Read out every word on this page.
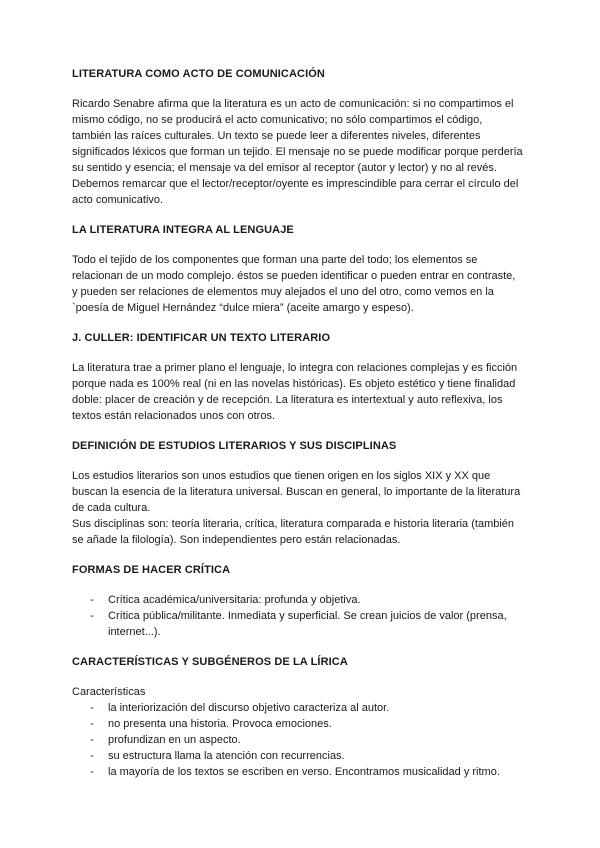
LITERATURA COMO ACTO DE COMUNICACIÓN
Ricardo Senabre afirma que la literatura es un acto de comunicación: si no compartimos el
mismo código, no se producirá el acto comunicativo; no sólo compartimos el código,
también las raíces culturales. Un texto se puede leer a diferentes niveles, diferentes
significados léxicos que forman un tejido. El mensaje no se puede modificar porque perdería
su sentido y esencia; el mensaje va del emisor al receptor (autor y lector) y no al revés.
Debemos remarcar que el lector/receptor/oyente es imprescindible para cerrar el círculo del
acto comunicativo.
LA LITERATURA INTEGRA AL LENGUAJE
Todo el tejido de los componentes que forman una parte del todo; los elementos se
relacionan de un modo complejo. éstos se pueden identificar o pueden entrar en contraste,
y pueden ser relaciones de elementos muy alejados el uno del otro, como vemos en la
`poesía de Miguel Hernández “dulce miera” (aceite amargo y espeso).
J. CULLER: IDENTIFICAR UN TEXTO LITERARIO
La literatura trae a primer plano el lenguaje, lo integra con relaciones complejas y es ficción
porque nada es 100% real (ni en las novelas históricas). Es objeto estético y tiene finalidad
doble: placer de creación y de recepción. La literatura es intertextual y auto reflexiva, los
textos están relacionados unos con otros.
DEFINICIÓN DE ESTUDIOS LITERARIOS Y SUS DISCIPLINAS
Los estudios literarios son unos estudios que tienen origen en los siglos XIX y XX que
buscan la esencia de la literatura universal. Buscan en general, lo importante de la literatura
de cada cultura.
Sus disciplinas son: teoría literaria, crítica, literatura comparada e historia literaria (también
se añade la filología). Son independientes pero están relacionadas.
FORMAS DE HACER CRÍTICA
- Crítica académica/universitaria: profunda y objetiva.
- Crítica pública/militante. Inmediata y superficial. Se crean juicios de valor (prensa,
internet...).
CARACTERÍSTICAS Y SUBGÉNEROS DE LA LÍRICA
Características
- la interiorización del discurso objetivo caracteriza al autor.
- no presenta una historia. Provoca emociones.
- profundizan en un aspecto.
- su estructura llama la atención con recurrencias.
- la mayoría de los textos se escriben en verso. Encontramos musicalidad y ritmo.
